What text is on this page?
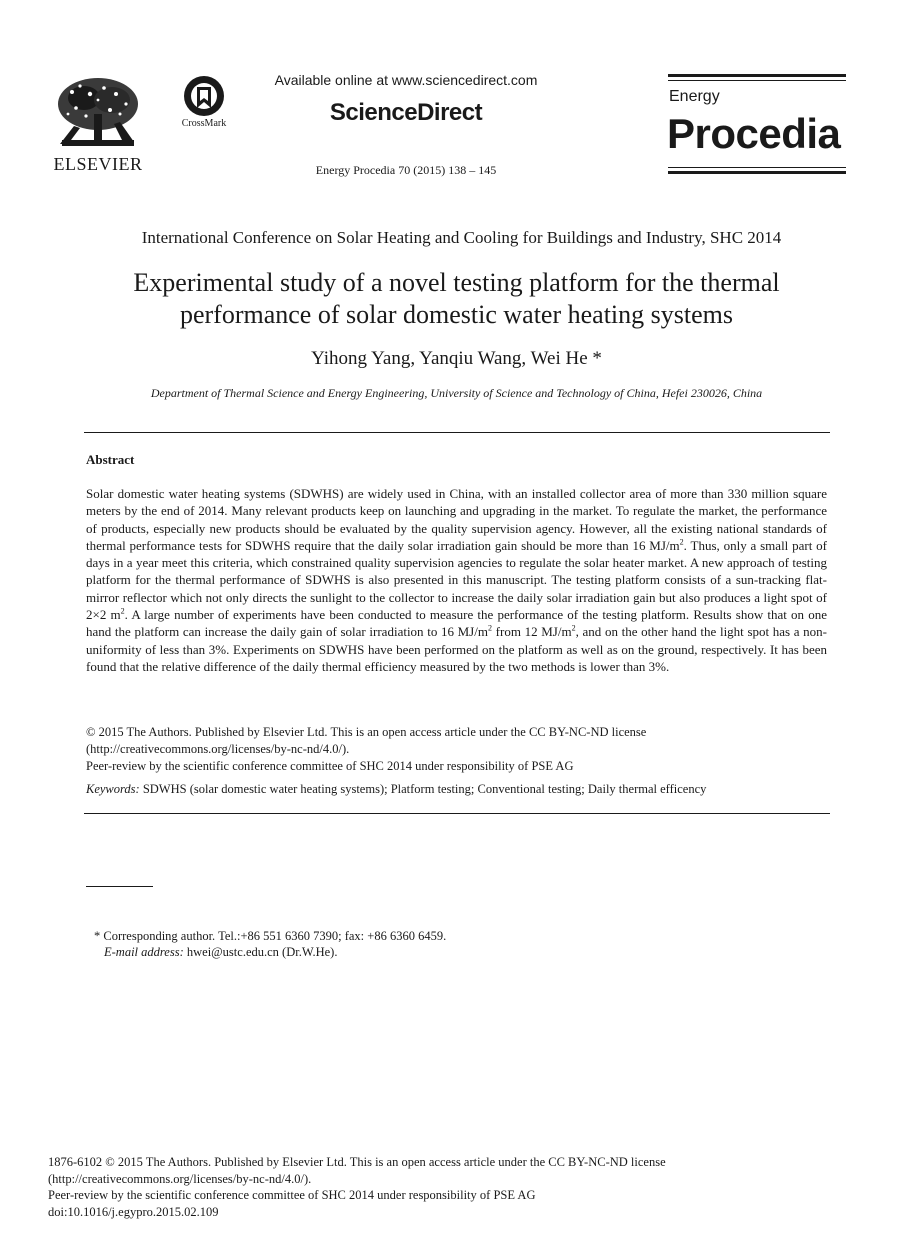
ELSEVIER
CrossMark
Available online at www.sciencedirect.com
ScienceDirect
Energy Procedia 70 (2015) 138 – 145
Energy
Procedia
International Conference on Solar Heating and Cooling for Buildings and Industry, SHC 2014
Experimental study of a novel testing platform for the thermal performance of solar domestic water heating systems
Yihong Yang, Yanqiu Wang, Wei He *
Department of Thermal Science and Energy Engineering, University of Science and Technology of China, Hefei 230026, China
Abstract
Solar domestic water heating systems (SDWHS) are widely used in China, with an installed collector area of more than 330 million square meters by the end of 2014. Many relevant products keep on launching and upgrading in the market. To regulate the market, the performance of products, especially new products should be evaluated by the quality supervision agency. However, all the existing national standards of thermal performance tests for SDWHS require that the daily solar irradiation gain should be more than 16 $MJ/m^2$. Thus, only a small part of days in a year meet this criteria, which constrained quality supervision agencies to regulate the solar heater market. A new approach of testing platform for the thermal performance of SDWHS is also presented in this manuscript. The testing platform consists of a sun-tracking flat-mirror reflector which not only directs the sunlight to the collector to increase the daily solar irradiation gain but also produces a light spot of 2×2 $m^2$. A large number of experiments have been conducted to measure the performance of the testing platform. Results show that on one hand the platform can increase the daily gain of solar irradiation to 16 $MJ/m^2$ from 12 $MJ/m^2$, and on the other hand the light spot has a non-uniformity of less than 3%. Experiments on SDWHS have been performed on the platform as well as on the ground, respectively. It has been found that the relative difference of the daily thermal efficiency measured by the two methods is lower than 3%.
© 2015 The Authors. Published by Elsevier Ltd. This is an open access article under the CC BY-NC-ND license
(http://creativecommons.org/licenses/by-nc-nd/4.0/).
Peer-review by the scientific conference committee of SHC 2014 under responsibility of PSE AG
Keywords: SDWHS (solar domestic water heating systems); Platform testing; Conventional testing; Daily thermal efficency
* Corresponding author. Tel.:+86 551 6360 7390; fax: +86 6360 6459.
E-mail address: hwei@ustc.edu.cn (Dr.W.He).
1876-6102 © 2015 The Authors. Published by Elsevier Ltd. This is an open access article under the CC BY-NC-ND license
(http://creativecommons.org/licenses/by-nc-nd/4.0/).
Peer-review by the scientific conference committee of SHC 2014 under responsibility of PSE AG
doi:10.1016/j.egypro.2015.02.109
